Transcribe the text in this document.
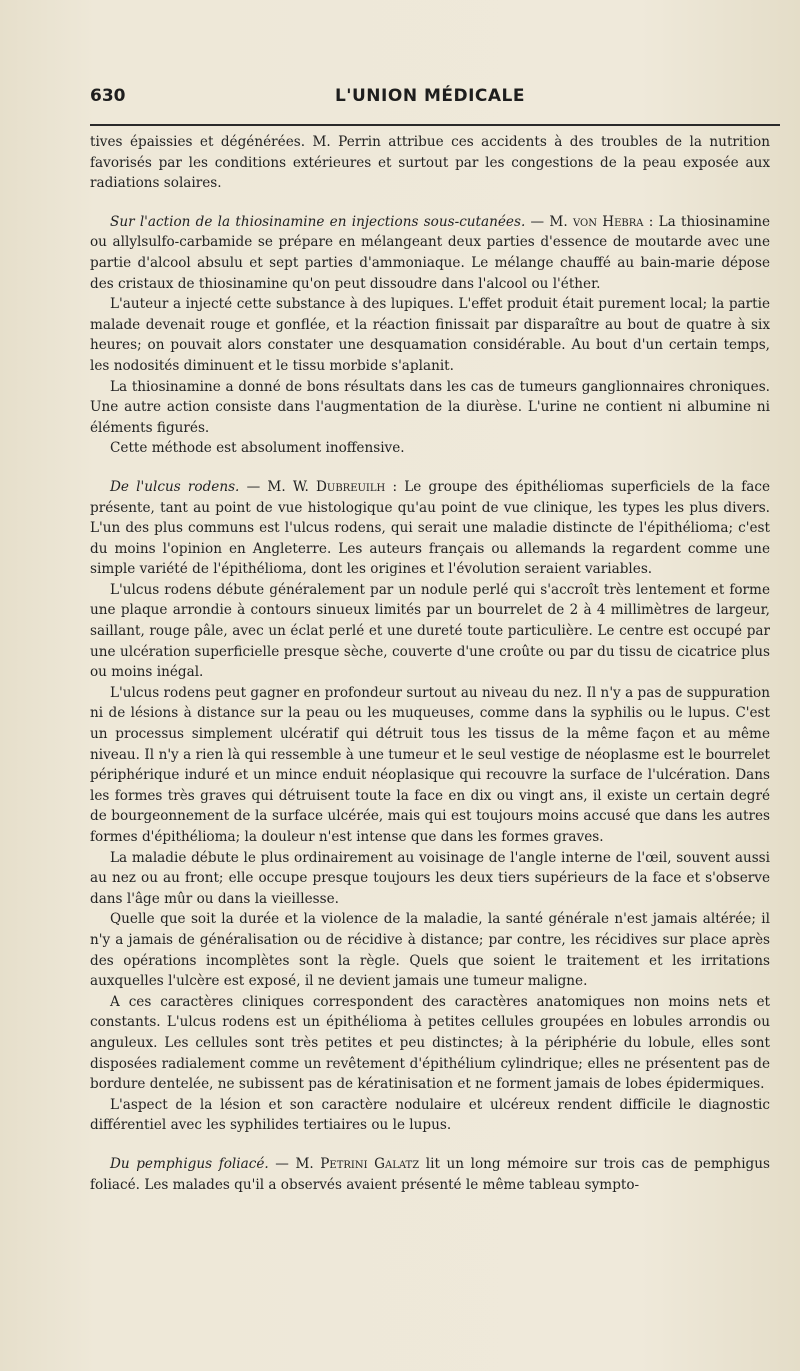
630	L'UNION MÉDICALE

tives épaissies et dégénérées. M. Perrin attribue ces accidents à des troubles de la nutrition favorisés par les conditions extérieures et surtout par les congestions de la peau exposée aux radiations solaires.

Sur l'action de la thiosinamine en injections sous-cutanées. — M. von Hebra : La thiosinamine ou allylsulfo-carbamide se prépare en mélangeant deux parties d'essence de moutarde avec une partie d'alcool absulu et sept parties d'ammoniaque. Le mélange chauffé au bain-marie dépose des cristaux de thiosinamine qu'on peut dissoudre dans l'alcool ou l'éther.

L'auteur a injecté cette substance à des lupiques. L'effet produit était purement local; la partie malade devenait rouge et gonflée, et la réaction finissait par disparaître au bout de quatre à six heures; on pouvait alors constater une desquamation considérable. Au bout d'un certain temps, les nodosités diminuent et le tissu morbide s'aplanit.

La thiosinamine a donné de bons résultats dans les cas de tumeurs ganglionnaires chroniques. Une autre action consiste dans l'augmentation de la diurèse. L'urine ne contient ni albumine ni éléments figurés.

Cette méthode est absolument inoffensive.

De l'ulcus rodens. — M. W. Dubreuilh : Le groupe des épithéliomas superficiels de la face présente, tant au point de vue histologique qu'au point de vue clinique, les types les plus divers. L'un des plus communs est l'ulcus rodens, qui serait une maladie distincte de l'épithélioma; c'est du moins l'opinion en Angleterre. Les auteurs français ou allemands la regardent comme une simple variété de l'épithélioma, dont les origines et l'évolution seraient variables.

L'ulcus rodens débute généralement par un nodule perlé qui s'accroît très lentement et forme une plaque arrondie à contours sinueux limités par un bourrelet de 2 à 4 millimètres de largeur, saillant, rouge pâle, avec un éclat perlé et une dureté toute particulière. Le centre est occupé par une ulcération superficielle presque sèche, couverte d'une croûte ou par du tissu de cicatrice plus ou moins inégal.

L'ulcus rodens peut gagner en profondeur surtout au niveau du nez. Il n'y a pas de suppuration ni de lésions à distance sur la peau ou les muqueuses, comme dans la syphilis ou le lupus. C'est un processus simplement ulcératif qui détruit tous les tissus de la même façon et au même niveau. Il n'y a rien là qui ressemble à une tumeur et le seul vestige de néoplasme est le bourrelet périphérique induré et un mince enduit néoplasique qui recouvre la surface de l'ulcération. Dans les formes très graves qui détruisent toute la face en dix ou vingt ans, il existe un certain degré de bourgeonnement de la surface ulcérée, mais qui est toujours moins accusé que dans les autres formes d'épithélioma; la douleur n'est intense que dans les formes graves.

La maladie débute le plus ordinairement au voisinage de l'angle interne de l'œil, souvent aussi au nez ou au front; elle occupe presque toujours les deux tiers supérieurs de la face et s'observe dans l'âge mûr ou dans la vieillesse.

Quelle que soit la durée et la violence de la maladie, la santé générale n'est jamais altérée; il n'y a jamais de généralisation ou de récidive à distance; par contre, les récidives sur place après des opérations incomplètes sont la règle. Quels que soient le traitement et les irritations auxquelles l'ulcère est exposé, il ne devient jamais une tumeur maligne.

A ces caractères cliniques correspondent des caractères anatomiques non moins nets et constants. L'ulcus rodens est un épithélioma à petites cellules groupées en lobules arrondis ou anguleux. Les cellules sont très petites et peu distinctes; à la périphérie du lobule, elles sont disposées radialement comme un revêtement d'épithélium cylindrique; elles ne présentent pas de bordure dentelée, ne subissent pas de kératinisation et ne forment jamais de lobes épidermiques.

L'aspect de la lésion et son caractère nodulaire et ulcéreux rendent difficile le diagnostic différentiel avec les syphilides tertiaires ou le lupus.

Du pemphigus foliacé. — M. Petrini Galatz lit un long mémoire sur trois cas de pemphigus foliacé. Les malades qu'il a observés avaient présenté le même tableau sympto-
